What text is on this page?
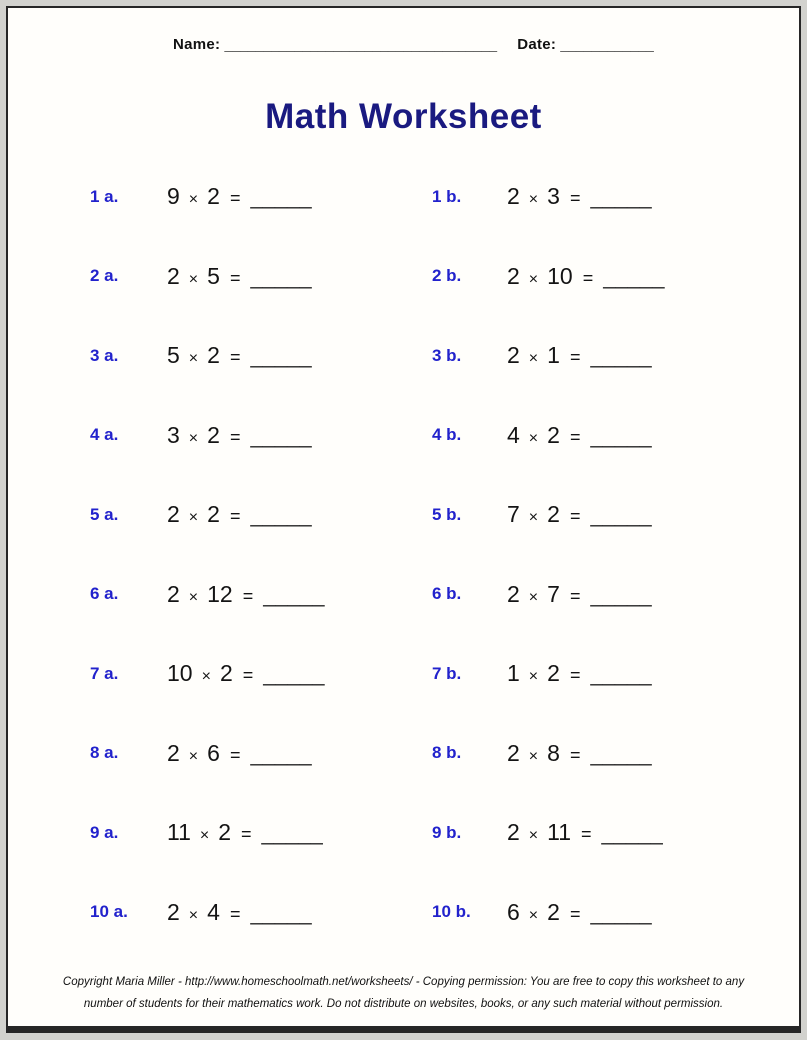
Name: ___________________________________ Date: ____________
Math Worksheet
1 a.	9 × 2 = _____	1 b.	2 × 3 = _____
2 a.	2 × 5 = _____	2 b.	2 × 10 = _____
3 a.	5 × 2 = _____	3 b.	2 × 1 = _____
4 a.	3 × 2 = _____	4 b.	4 × 2 = _____
5 a.	2 × 2 = _____	5 b.	7 × 2 = _____
6 a.	2 × 12 = _____	6 b.	2 × 7 = _____
7 a.	10 × 2 = _____	7 b.	1 × 2 = _____
8 a.	2 × 6 = _____	8 b.	2 × 8 = _____
9 a.	11 × 2 = _____	9 b.	2 × 11 = _____
10 a.	2 × 4 = _____	10 b.	6 × 2 = _____
Copyright Maria Miller - http://www.homeschoolmath.net/worksheets/ - Copying permission: You are free to copy this worksheet to any
number of students for their mathematics work. Do not distribute on websites, books, or any such material without permission.
